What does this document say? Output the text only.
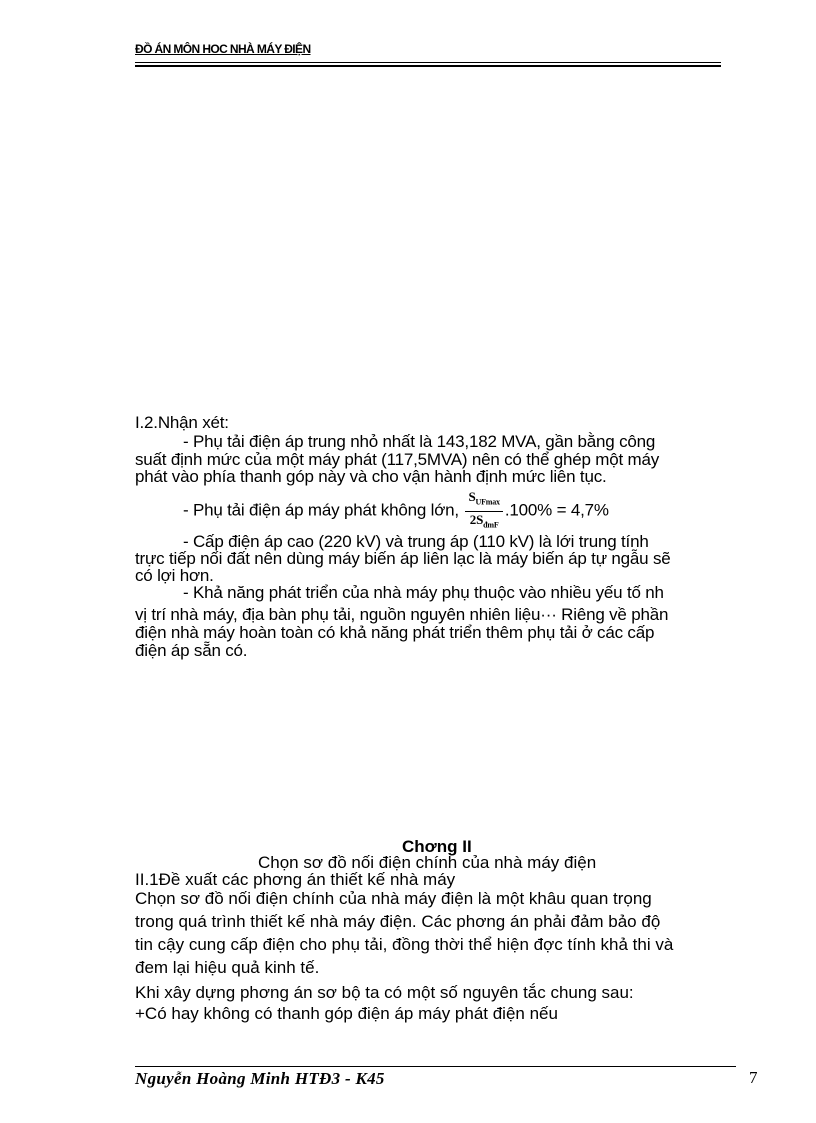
ĐỒ ÁN MÔN HOC NHÀ MÁY ĐIỆN
I.2.Nhận xét:
- Phụ tải điện áp trung nhỏ nhất là 143,182 MVA, gần bằng công
suất định mức của một máy phát (117,5MVA) nên có thể ghép một máy
phát vào phía thanh góp này và cho vận hành định mức liên tục.
- Phụ tải điện áp máy phát không lớn, $\frac{S_{UFmax}}{2S_{đmF}} .100\% = 4,7\%$
- Cấp điện áp cao (220 kV) và trung áp (110 kV) là lới trung tính
trực tiếp nối đất nên dùng máy biến áp liên lạc là máy biến áp tự ngẫu sẽ
có lợi hơn.
- Khả năng phát triển của nhà máy phụ thuộc vào nhiều yếu tố nh
vị trí nhà máy, địa bàn phụ tải, nguồn nguyên nhiên liệu··· Riêng về phần
điện nhà máy hoàn toàn có khả năng phát triển thêm phụ tải ở các cấp
điện áp sẵn có.
Chơng II
Chọn sơ đồ nối điện chính của nhà máy điện
II.1Đề xuất các phơng án thiết kế nhà máy
Chọn sơ đồ nối điện chính của nhà máy điện là một khâu quan trọng
trong quá trình thiết kế nhà máy điện. Các phơng án phải đảm bảo độ
tin cậy cung cấp điện cho phụ tải, đồng thời thể hiện đợc tính khả thi và
đem lại hiệu quả kinh tế.
Khi xây dựng phơng án sơ bộ ta có một số nguyên tắc chung sau:
+Có hay không có thanh góp điện áp máy phát điện nếu
Nguyễn Hoàng Minh HTĐ3 - K45	7
